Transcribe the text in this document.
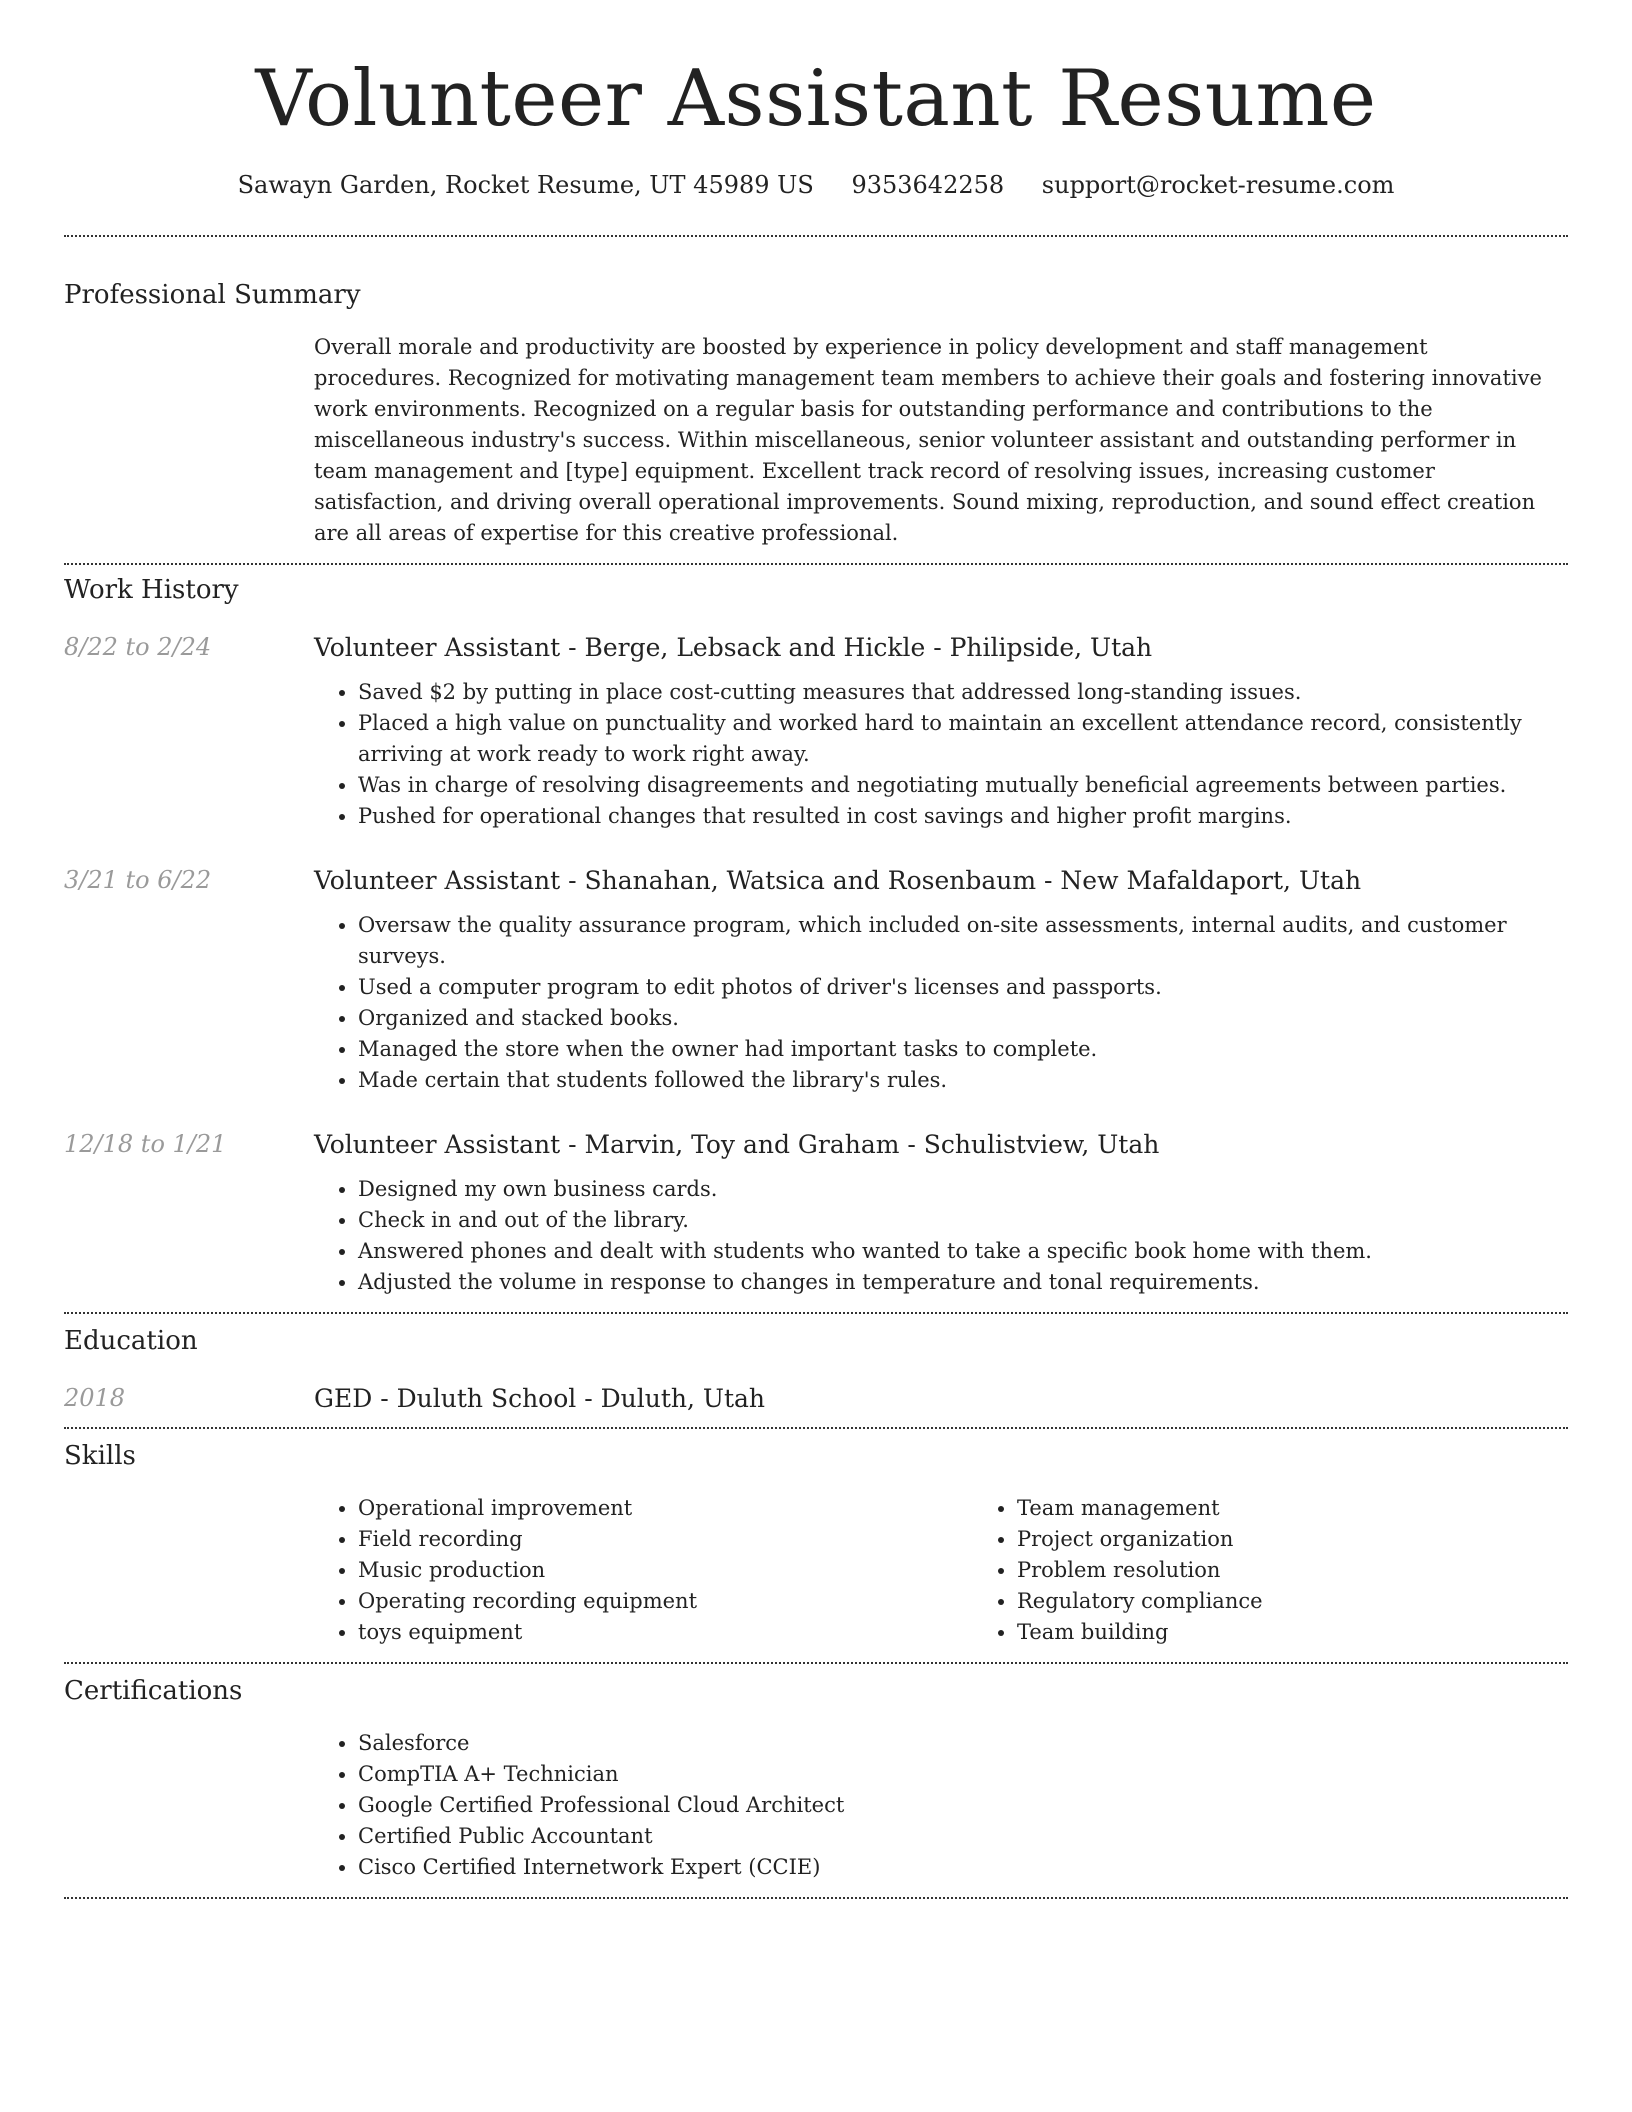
Volunteer Assistant Resume
Sawayn Garden, Rocket Resume, UT 45989 US 9353642258 support@rocket-resume.com
Professional Summary
Overall morale and productivity are boosted by experience in policy development and staff management procedures. Recognized for motivating management team members to achieve their goals and fostering innovative work environments. Recognized on a regular basis for outstanding performance and contributions to the miscellaneous industry's success. Within miscellaneous, senior volunteer assistant and outstanding performer in team management and [type] equipment. Excellent track record of resolving issues, increasing customer satisfaction, and driving overall operational improvements. Sound mixing, reproduction, and sound effect creation are all areas of expertise for this creative professional.
Work History
8/22 to 2/24	Volunteer Assistant - Berge, Lebsack and Hickle - Philipside, Utah
• Saved $2 by putting in place cost-cutting measures that addressed long-standing issues.
• Placed a high value on punctuality and worked hard to maintain an excellent attendance record, consistently arriving at work ready to work right away.
• Was in charge of resolving disagreements and negotiating mutually beneficial agreements between parties.
• Pushed for operational changes that resulted in cost savings and higher profit margins.
3/21 to 6/22	Volunteer Assistant - Shanahan, Watsica and Rosenbaum - New Mafaldaport, Utah
• Oversaw the quality assurance program, which included on-site assessments, internal audits, and customer surveys.
• Used a computer program to edit photos of driver's licenses and passports.
• Organized and stacked books.
• Managed the store when the owner had important tasks to complete.
• Made certain that students followed the library's rules.
12/18 to 1/21	Volunteer Assistant - Marvin, Toy and Graham - Schulistview, Utah
• Designed my own business cards.
• Check in and out of the library.
• Answered phones and dealt with students who wanted to take a specific book home with them.
• Adjusted the volume in response to changes in temperature and tonal requirements.
Education
2018	GED - Duluth School - Duluth, Utah
Skills
• Operational improvement
• Field recording
• Music production
• Operating recording equipment
• toys equipment
• Team management
• Project organization
• Problem resolution
• Regulatory compliance
• Team building
Certifications
• Salesforce
• CompTIA A+ Technician
• Google Certified Professional Cloud Architect
• Certified Public Accountant
• Cisco Certified Internetwork Expert (CCIE)
